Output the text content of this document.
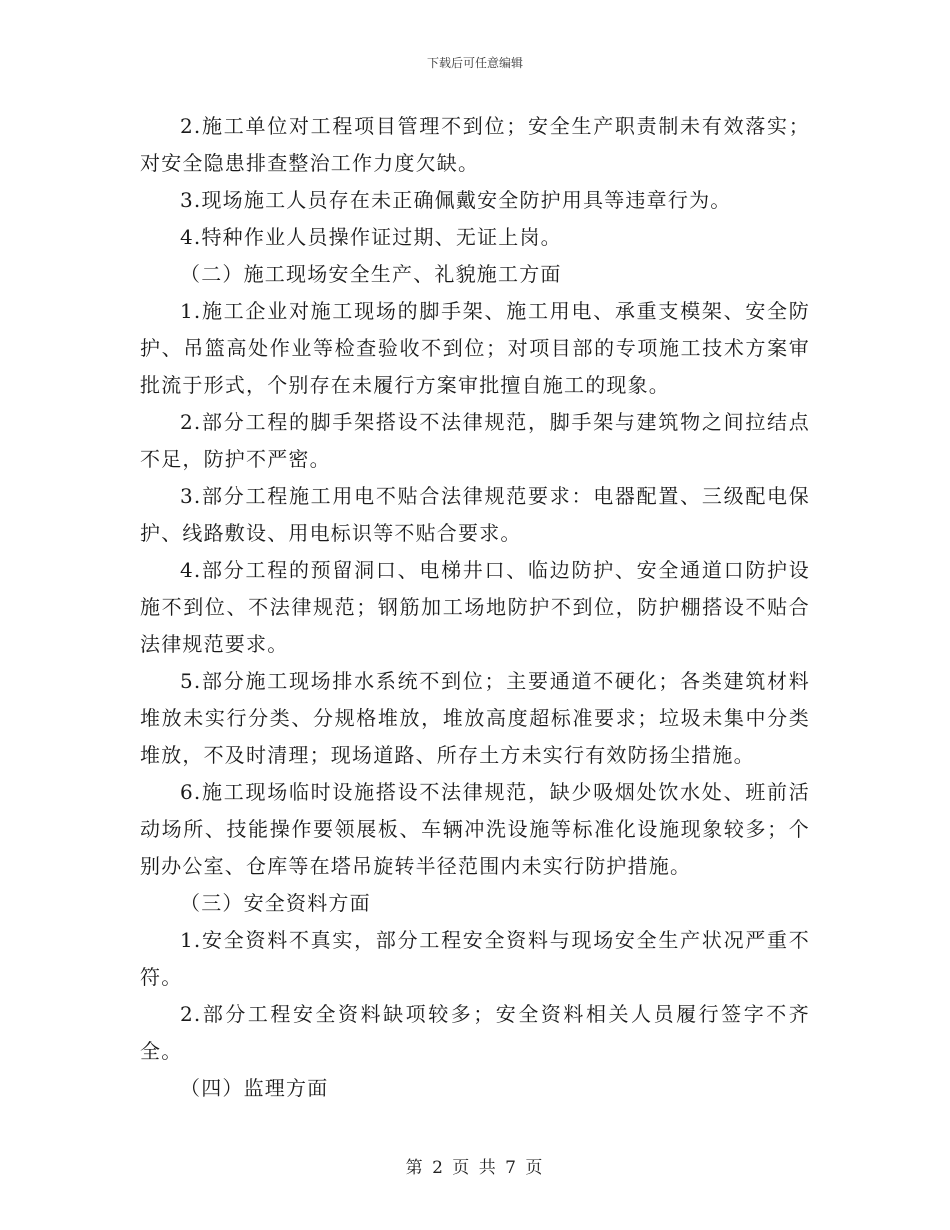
下载后可任意编辑

2.施工单位对工程项目管理不到位；安全生产职责制未有效落实；对安全隐患排查整治工作力度欠缺。

3.现场施工人员存在未正确佩戴安全防护用具等违章行为。

4.特种作业人员操作证过期、无证上岗。

（二）施工现场安全生产、礼貌施工方面

1.施工企业对施工现场的脚手架、施工用电、承重支模架、安全防护、吊篮高处作业等检查验收不到位；对项目部的专项施工技术方案审批流于形式，个别存在未履行方案审批擅自施工的现象。

2.部分工程的脚手架搭设不法律规范，脚手架与建筑物之间拉结点不足，防护不严密。

3.部分工程施工用电不贴合法律规范要求：电器配置、三级配电保护、线路敷设、用电标识等不贴合要求。

4.部分工程的预留洞口、电梯井口、临边防护、安全通道口防护设施不到位、不法律规范；钢筋加工场地防护不到位，防护棚搭设不贴合法律规范要求。

5.部分施工现场排水系统不到位；主要通道不硬化；各类建筑材料堆放未实行分类、分规格堆放，堆放高度超标准要求；垃圾未集中分类堆放，不及时清理；现场道路、所存土方未实行有效防扬尘措施。

6.施工现场临时设施搭设不法律规范，缺少吸烟处饮水处、班前活动场所、技能操作要领展板、车辆冲洗设施等标准化设施现象较多；个别办公室、仓库等在塔吊旋转半径范围内未实行防护措施。

（三）安全资料方面

1.安全资料不真实，部分工程安全资料与现场安全生产状况严重不符。

2.部分工程安全资料缺项较多；安全资料相关人员履行签字不齐全。

（四）监理方面

第 2 页 共 7 页
